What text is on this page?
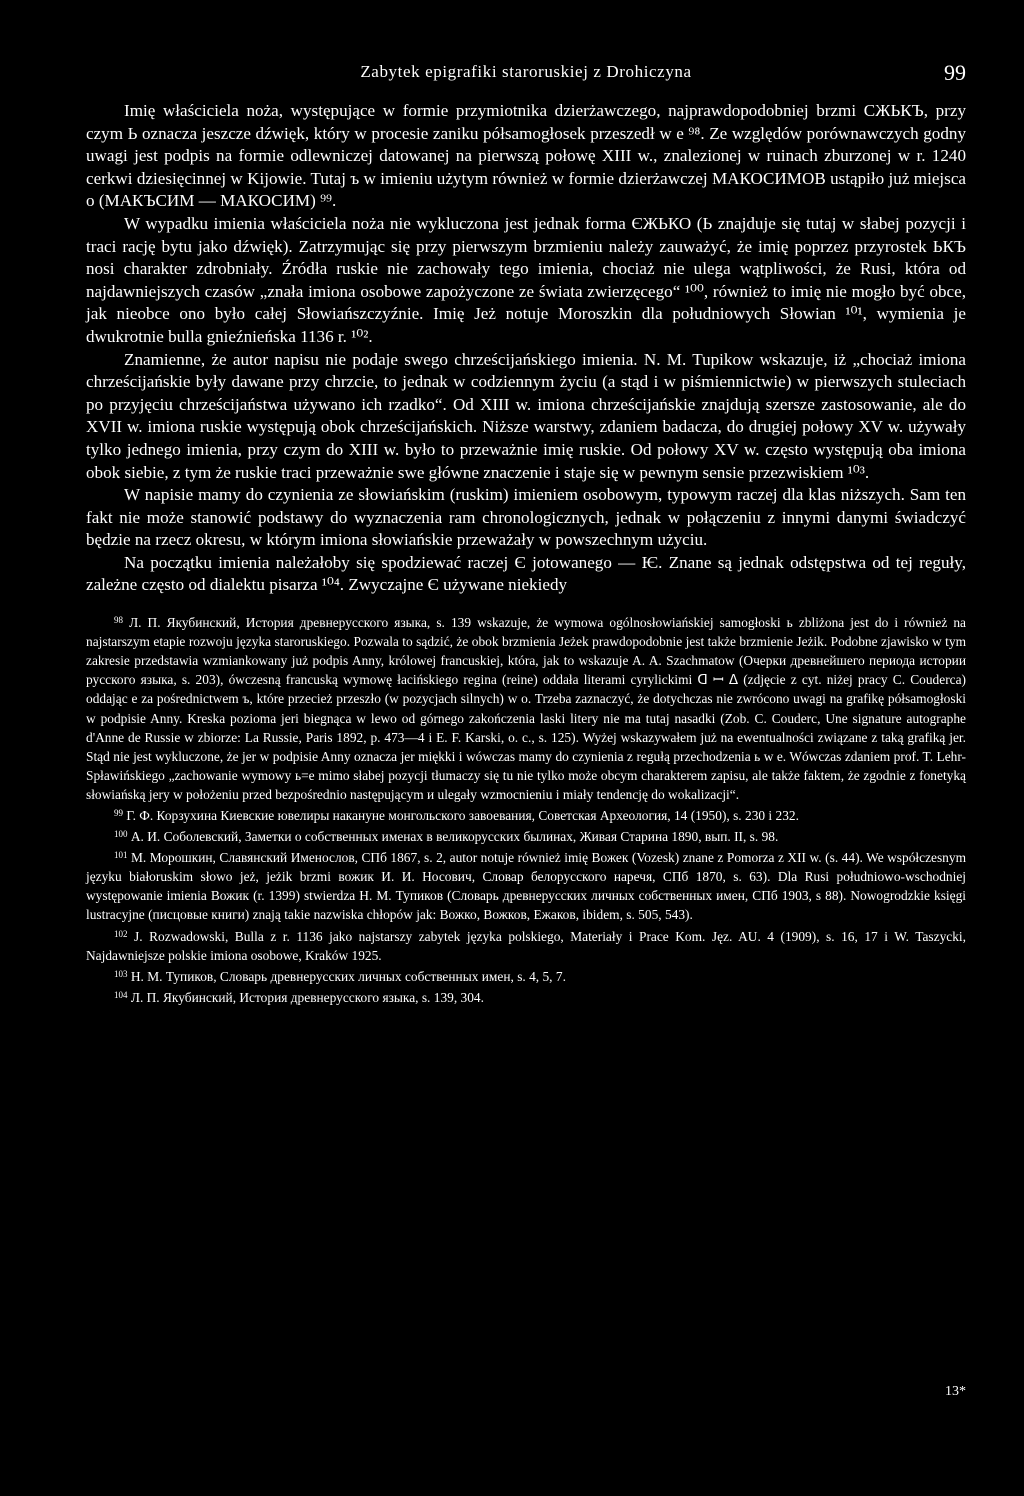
Zabytek epigrafiki staroruskiej z Drohiczyna	99

Imię właściciela noża, występujące w formie przymiotnika dzierżawczego, najprawdopodobniej brzmi СЖЬКЪ, przy czym Ь oznacza jeszcze dźwięk, który w procesie zaniku półsamogłosek przeszedł w e ⁹⁸. Ze względów porównawczych godny uwagi jest podpis na formie odlewniczej datowanej na pierwszą połowę XIII w., znalezionej w ruinach zburzonej w r. 1240 cerkwi dziesięcinnej w Kijowie. Tutaj ъ w imieniu użytym również w formie dzierżawczej МАКОСИМОВ ustąpiło już miejsca o (МАКЪСИМ — МАКОСИМ) ⁹⁹.

W wypadku imienia właściciela noża nie wykluczona jest jednak forma ЄЖЬКО (Ь znajduje się tutaj w słabej pozycji i traci rację bytu jako dźwięk). Zatrzymując się przy pierwszym brzmieniu należy zauważyć, że imię poprzez przyrostek ЬКЪ nosi charakter zdrobniały. Źródła ruskie nie zachowały tego imienia, chociaż nie ulega wątpliwości, że Rusi, która od najdawniejszych czasów „znała imiona osobowe zapożyczone ze świata zwierzęcego“ ¹⁰⁰, również to imię nie mogło być obce, jak nieobce ono było całej Słowiańszczyźnie. Imię Jeż notuje Moroszkin dla południowych Słowian ¹⁰¹, wymienia je dwukrotnie bulla gnieźnieńska 1136 r. ¹⁰².

Znamienne, że autor napisu nie podaje swego chrześcijańskiego imienia. N. M. Tupikow wskazuje, iż „chociaż imiona chrześcijańskie były dawane przy chrzcie, to jednak w codziennym życiu (a stąd i w piśmiennictwie) w pierwszych stuleciach po przyjęciu chrześcijaństwa używano ich rzadko“. Od XIII w. imiona chrześcijańskie znajdują szersze zastosowanie, ale do XVII w. imiona ruskie występują obok chrześcijańskich. Niższe warstwy, zdaniem badacza, do drugiej połowy XV w. używały tylko jednego imienia, przy czym do XIII w. było to przeważnie imię ruskie. Od połowy XV w. często występują oba imiona obok siebie, z tym że ruskie traci przeważnie swe główne znaczenie i staje się w pewnym sensie przezwiskiem ¹⁰³.

W napisie mamy do czynienia ze słowiańskim (ruskim) imieniem osobowym, typowym raczej dla klas niższych. Sam ten fakt nie może stanowić podstawy do wyznaczenia ram chronologicznych, jednak w połączeniu z innymi danymi świadczyć będzie na rzecz okresu, w którym imiona słowiańskie przeważały w powszechnym użyciu.

Na początku imienia należałoby się spodziewać raczej Є jotowanego — Ѥ. Znane są jednak odstępstwa od tej reguły, zależne często od dialektu pisarza ¹⁰⁴. Zwyczajne Є używane niekiedy

$^{98}$ Л. П. Якубинский, История древнерусского языка, s. 139 wskazuje, że wymowa ogólnosłowiańskiej samogłoski ь zbliżona jest do i również na najstarszym etapie rozwoju języka staroruskiego. Pozwala to sądzić, że obok brzmienia Jeżek prawdopodobnie jest także brzmienie Jeżik. Podobne zjawisko w tym zakresie przedstawia wzmiankowany już podpis Anny, królowej francuskiej, która, jak to wskazuje A. A. Szachmatow (Очерки древнейшего периода истории русского языка, s. 203), ówczesną francuską wymowę łacińskiego regina (reine) oddała literami cyrylickimi ᗡ ꟷ ᐃ (zdjęcie z cyt. niżej pracy C. Couderca) oddając e za pośrednictwem ъ, które przecież przeszło (w pozycjach silnych) w o. Trzeba zaznaczyć, że dotychczas nie zwrócono uwagi na grafikę półsamogłoski w podpisie Anny. Kreska pozioma jeri biegnąca w lewo od górnego zakończenia laski litery nie ma tutaj nasadki (Zob. C. Couderc, Une signature autographe d'Anne de Russie w zbiorze: La Russie, Paris 1892, p. 473—4 i E. F. Karski, o. c., s. 125). Wyżej wskazywałem już na ewentualności związane z taką grafiką jer. Stąd nie jest wykluczone, że jer w podpisie Anny oznacza jer miękki i wówczas mamy do czynienia z regułą przechodzenia ь w e. Wówczas zdaniem prof. T. Lehr-Spławińskiego „zachowanie wymowy ь=e mimo słabej pozycji tłumaczy się tu nie tylko może obcym charakterem zapisu, ale także faktem, że zgodnie z fonetyką słowiańską jery w położeniu przed bezpośrednio następującym и ulegały wzmocnieniu i miały tendencję do wokalizacji“.

$^{99}$ Г. Ф. Корзухина Киевские ювелиры накануне монгольского завоевания, Советская Археология, 14 (1950), s. 230 i 232.

$^{100}$ А. И. Соболевский, Заметки о собственных именах в великорусских былинах, Живая Старина 1890, вып. II, s. 98.

$^{101}$ М. Морошкин, Славянский Именослов, СПб 1867, s. 2, autor notuje również imię Вожек (Vozesk) znane z Pomorza z XII w. (s. 44). We współczesnym języku białoruskim słowo jeż, jeżik brzmi вожик И. И. Носович, Словар белорусского наречя, СПб 1870, s. 63). Dla Rusi południowo-wschodniej występowanie imienia Вожик (r. 1399) stwierdza Н. М. Тупиков (Словарь древнерусских личных собственных имен, СПб 1903, s 88). Nowogrodzkie księgi lustracyjne (писцовые книги) znają takie nazwiska chłopów jak: Вожко, Вожков, Ежаков, ibidem, s. 505, 543).

$^{102}$ J. Rozwadowski, Bulla z r. 1136 jako najstarszy zabytek języka polskiego, Materiały i Prace Kom. Jęz. AU. 4 (1909), s. 16, 17 i W. Taszycki, Najdawniejsze polskie imiona osobowe, Kraków 1925.

$^{103}$ Н. М. Тупиков, Словарь древнерусских личных собственных имен, s. 4, 5, 7.

$^{104}$ Л. П. Якубинский, История древнерусского языка, s. 139, 304.

13*
